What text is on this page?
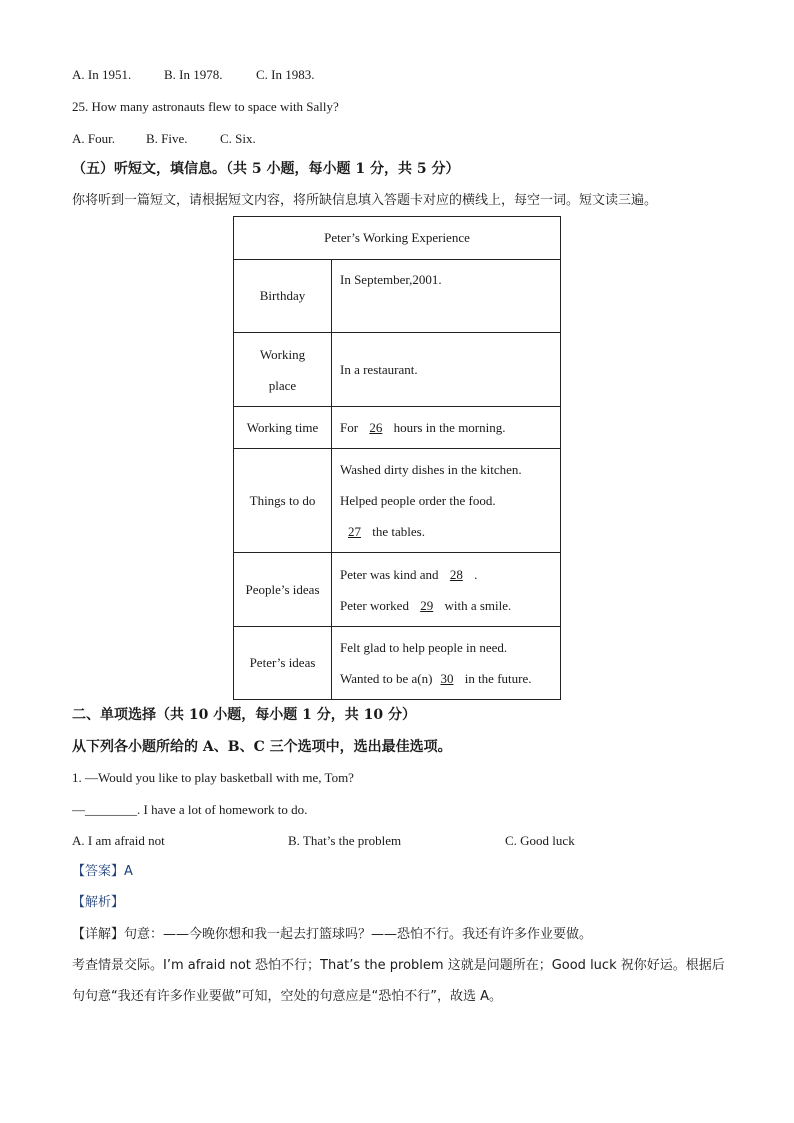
A. In 1951.	B. In 1978.	C. In 1983.
25. How many astronauts flew to space with Sally?
A. Four. B. Five. C. Six.
（五）听短文，填信息。（共 5 小题，每小题 1 分，共 5 分）
你将听到一篇短文，请根据短文内容，将所缺信息填入答题卡对应的横线上，每空一词。短文读三遍。
Peter’s Working Experience	
Birthday	In September,2001.

Working
place	In a restaurant.
Working time	For 26 hours in the morning.
Things to do	Washed dirty dishes in the kitchen.
Helped people order the food.
27 the tables.

People’s ideas	Peter was kind and 28 .
Peter worked 29 with a smile.

Peter’s ideas	Felt glad to help people in need.
Wanted to be a(n) 30 in the future.
二、单项选择（共 10 小题，每小题 1 分，共 10 分）
从下列各小题所给的 A、B、C 三个选项中，选出最佳选项。
1. —Would you like to play basketball with me, Tom?
—________. I have a lot of homework to do.
A. I am afraid not	B. That’s the problem	C. Good luck
【答案】A
【解析】
【详解】句意：——今晚你想和我一起去打篮球吗？——恐怕不行。我还有许多作业要做。
考查情景交际。I’m afraid not 恐怕不行；That’s the problem 这就是问题所在；Good luck 祝你好运。根据后
句句意“我还有许多作业要做”可知，空处的句意应是“恐怕不行”，故选 A。
